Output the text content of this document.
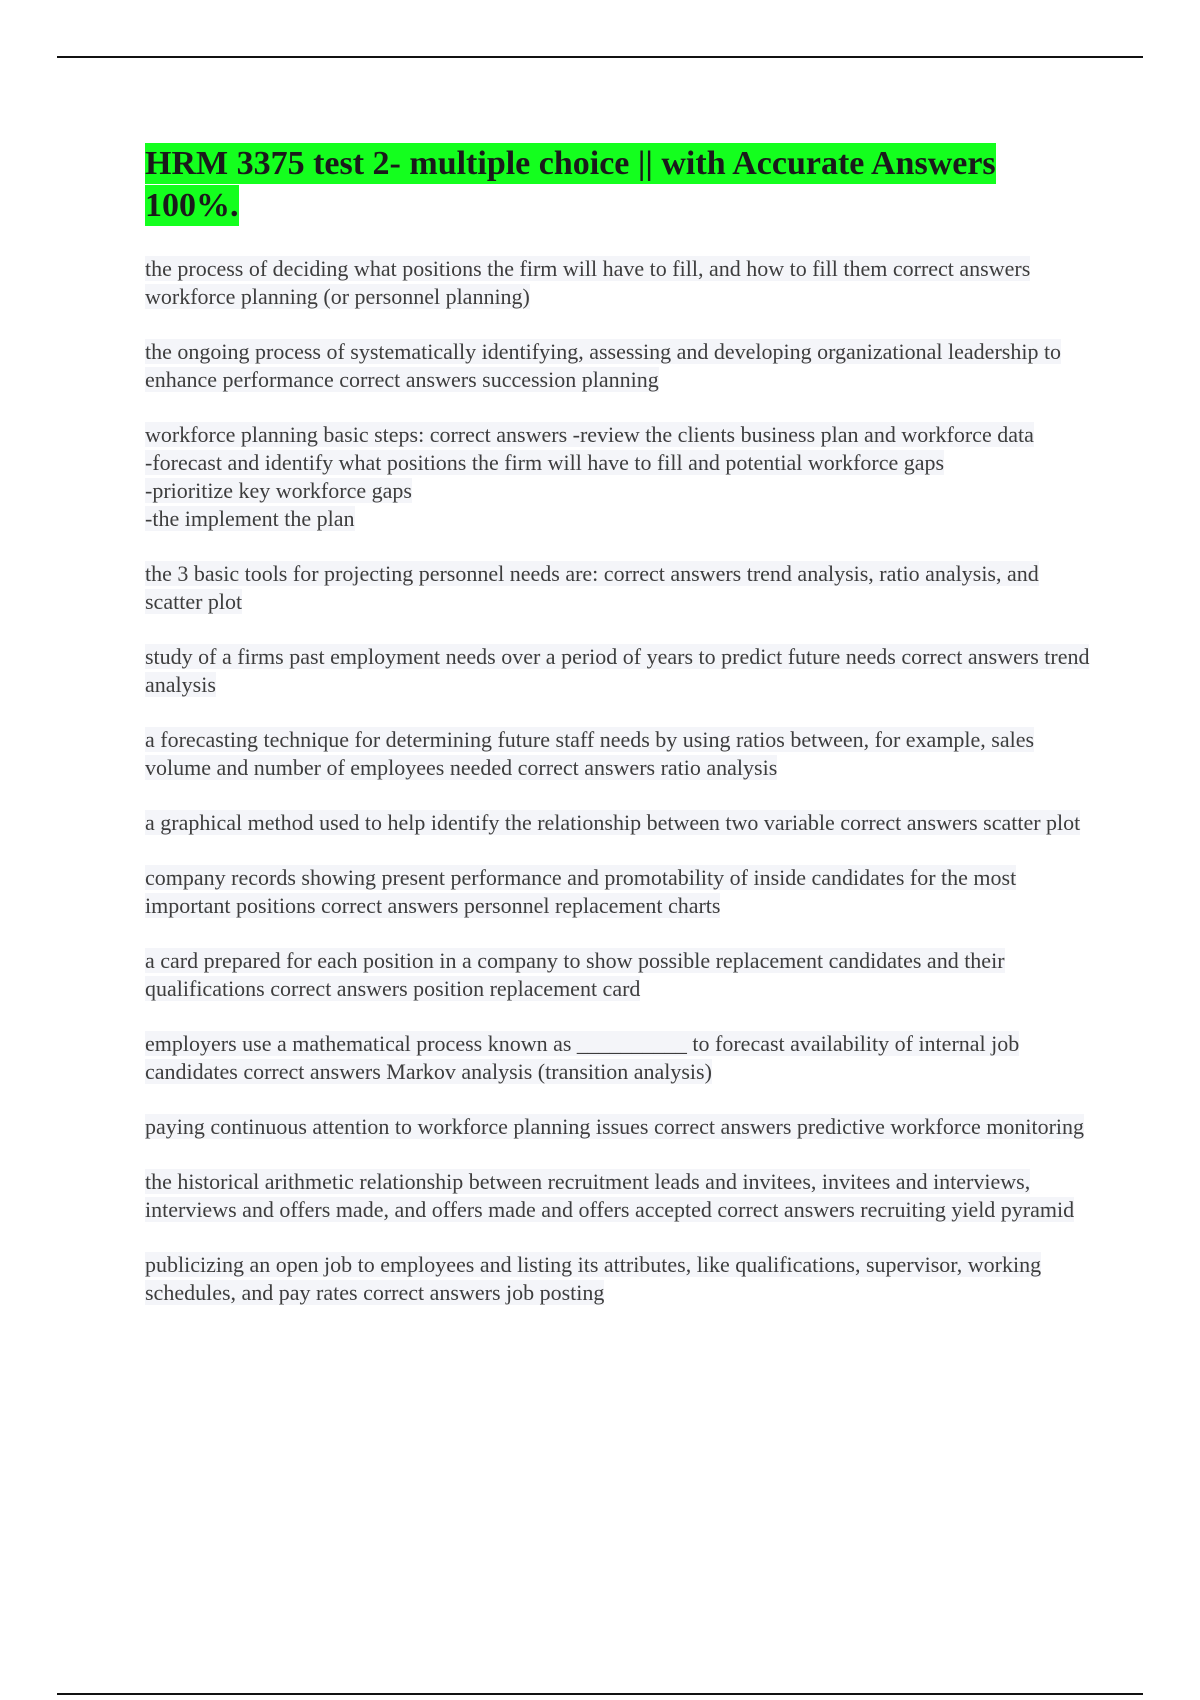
HRM 3375 test 2- multiple choice || with Accurate Answers 100%.

the process of deciding what positions the firm will have to fill, and how to fill them correct answers workforce planning (or personnel planning)

the ongoing process of systematically identifying, assessing and developing organizational leadership to enhance performance correct answers succession planning

workforce planning basic steps: correct answers -review the clients business plan and workforce data
-forecast and identify what positions the firm will have to fill and potential workforce gaps
-prioritize key workforce gaps
-the implement the plan

the 3 basic tools for projecting personnel needs are: correct answers trend analysis, ratio analysis, and scatter plot

study of a firms past employment needs over a period of years to predict future needs correct answers trend analysis

a forecasting technique for determining future staff needs by using ratios between, for example, sales volume and number of employees needed correct answers ratio analysis

a graphical method used to help identify the relationship between two variable correct answers scatter plot

company records showing present performance and promotability of inside candidates for the most important positions correct answers personnel replacement charts

a card prepared for each position in a company to show possible replacement candidates and their qualifications correct answers position replacement card

employers use a mathematical process known as __________ to forecast availability of internal job candidates correct answers Markov analysis (transition analysis)

paying continuous attention to workforce planning issues correct answers predictive workforce monitoring

the historical arithmetic relationship between recruitment leads and invitees, invitees and interviews, interviews and offers made, and offers made and offers accepted correct answers recruiting yield pyramid

publicizing an open job to employees and listing its attributes, like qualifications, supervisor, working schedules, and pay rates correct answers job posting
